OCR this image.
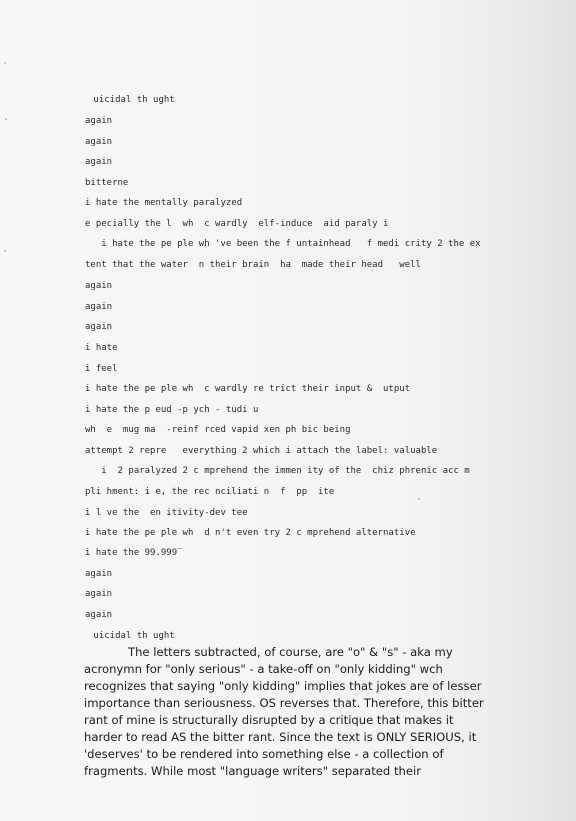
uicidal th ught

again

again

again

bitterne

i hate the mentally paralyzed

e pecially the l  wh  c wardly  elf-induce  aid paraly i

i hate the pe ple wh 've been the f untainhead   f medi crity 2 the ex

tent that the water  n their brain  ha  made their head   well

again

again

again

i hate

i feel

i hate the pe ple wh  c wardly re trict their input &  utput

i hate the p eud -p ych - tudi u

wh  e  mug ma  -reinf rced vapid xen ph bic being

attempt 2 repre   everything 2 which i attach the label: valuable

i  2 paralyzed 2 c mprehend the immen ity of the  chiz phrenic acc m

pli hment: i e, the rec nciliati n  f  pp  ite

i l ve the  en itivity-dev tee

i hate the pe ple wh  d n't even try 2 c mprehend alternative

i hate the 99.999̅

again

again

again

uicidal th ught

The letters subtracted, of course, are "o" & "s" - aka my acronymn for "only serious" - a take-off on "only kidding" wch recognizes that saying "only kidding" implies that jokes are of lesser importance than seriousness. OS reverses that. Therefore, this bitter rant of mine is structurally disrupted by a critique that makes it harder to read AS the bitter rant. Since the text is ONLY SERIOUS, it 'deserves' to be rendered into something else - a collection of fragments. While most "language writers" separated their
